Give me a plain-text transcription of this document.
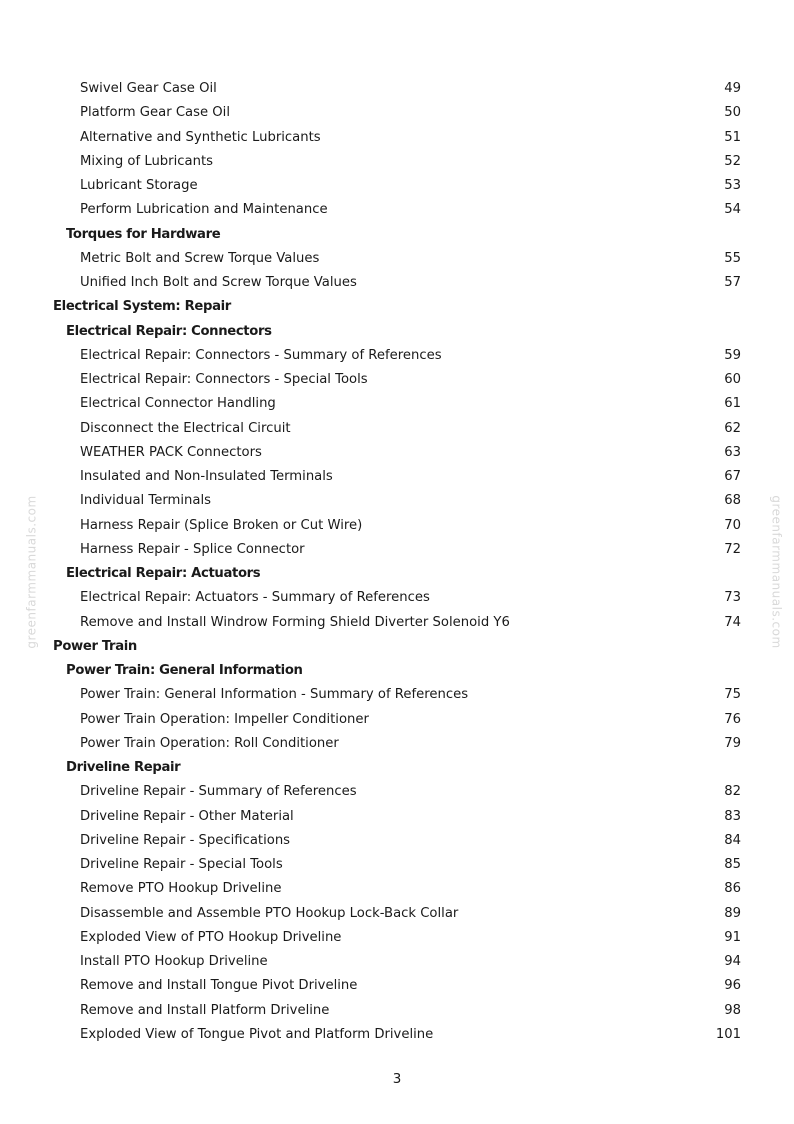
greenfarmmanuals.com	greenfarmmanuals.com
Swivel Gear Case Oil	49
Platform Gear Case Oil	50
Alternative and Synthetic Lubricants	51
Mixing of Lubricants	52
Lubricant Storage	53
Perform Lubrication and Maintenance	54
Torques for Hardware
Metric Bolt and Screw Torque Values	55
Unified Inch Bolt and Screw Torque Values	57
Electrical System: Repair
Electrical Repair: Connectors
Electrical Repair: Connectors - Summary of References	59
Electrical Repair: Connectors - Special Tools	60
Electrical Connector Handling	61
Disconnect the Electrical Circuit	62
WEATHER PACK Connectors	63
Insulated and Non-Insulated Terminals	67
Individual Terminals	68
Harness Repair (Splice Broken or Cut Wire)	70
Harness Repair - Splice Connector	72
Electrical Repair: Actuators
Electrical Repair: Actuators - Summary of References	73
Remove and Install Windrow Forming Shield Diverter Solenoid Y6	74
Power Train
Power Train: General Information
Power Train: General Information - Summary of References	75
Power Train Operation: Impeller Conditioner	76
Power Train Operation: Roll Conditioner	79
Driveline Repair
Driveline Repair - Summary of References	82
Driveline Repair - Other Material	83
Driveline Repair - Specifications	84
Driveline Repair - Special Tools	85
Remove PTO Hookup Driveline	86
Disassemble and Assemble PTO Hookup Lock-Back Collar	89
Exploded View of PTO Hookup Driveline	91
Install PTO Hookup Driveline	94
Remove and Install Tongue Pivot Driveline	96
Remove and Install Platform Driveline	98
Exploded View of Tongue Pivot and Platform Driveline	101
3
